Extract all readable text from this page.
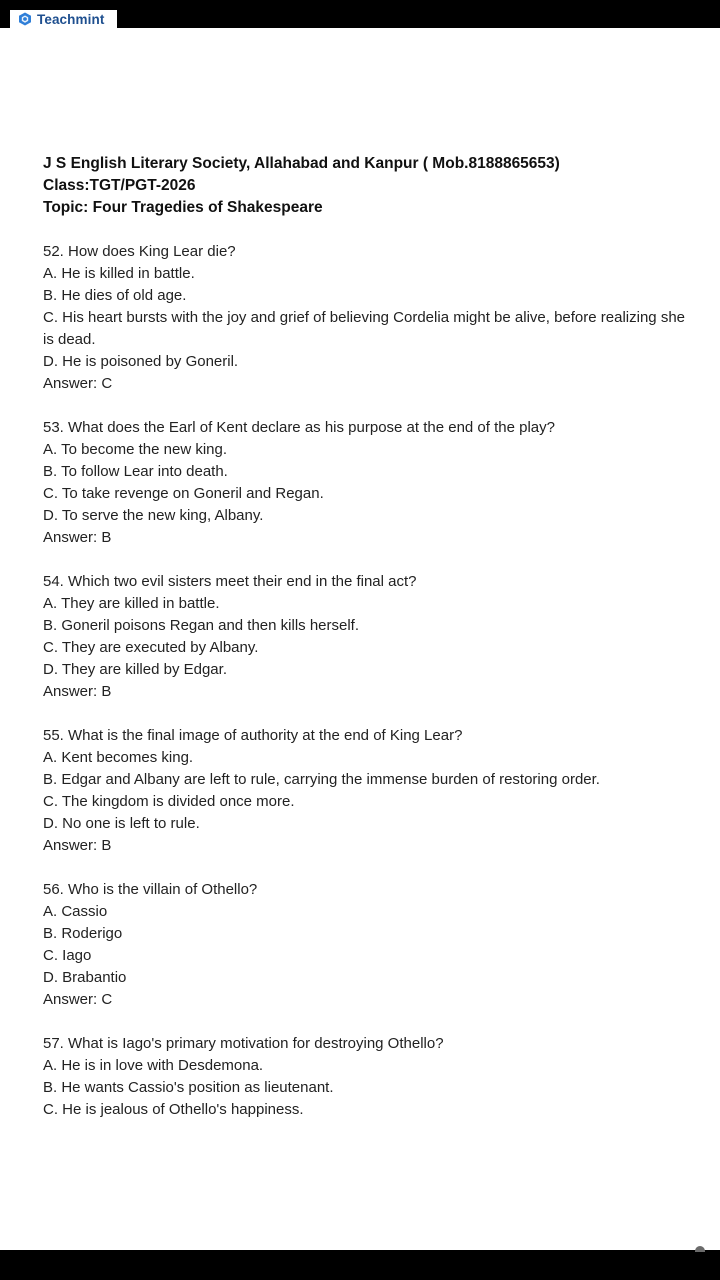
Teachmint
J S English Literary Society, Allahabad and Kanpur ( Mob.8188865653)
Class:TGT/PGT-2026
Topic: Four Tragedies of Shakespeare
52. How does King Lear die?
A. He is killed in battle.
B. He dies of old age.
C. His heart bursts with the joy and grief of believing Cordelia might be alive, before realizing she is dead.
D. He is poisoned by Goneril.
Answer: C
53. What does the Earl of Kent declare as his purpose at the end of the play?
A. To become the new king.
B. To follow Lear into death.
C. To take revenge on Goneril and Regan.
D. To serve the new king, Albany.
Answer: B
54. Which two evil sisters meet their end in the final act?
A. They are killed in battle.
B. Goneril poisons Regan and then kills herself.
C. They are executed by Albany.
D. They are killed by Edgar.
Answer: B
55. What is the final image of authority at the end of King Lear?
A. Kent becomes king.
B. Edgar and Albany are left to rule, carrying the immense burden of restoring order.
C. The kingdom is divided once more.
D. No one is left to rule.
Answer: B
56. Who is the villain of Othello?
A. Cassio
B. Roderigo
C. Iago
D. Brabantio
Answer: C
57. What is Iago's primary motivation for destroying Othello?
A. He is in love with Desdemona.
B. He wants Cassio's position as lieutenant.
C. He is jealous of Othello's happiness.
